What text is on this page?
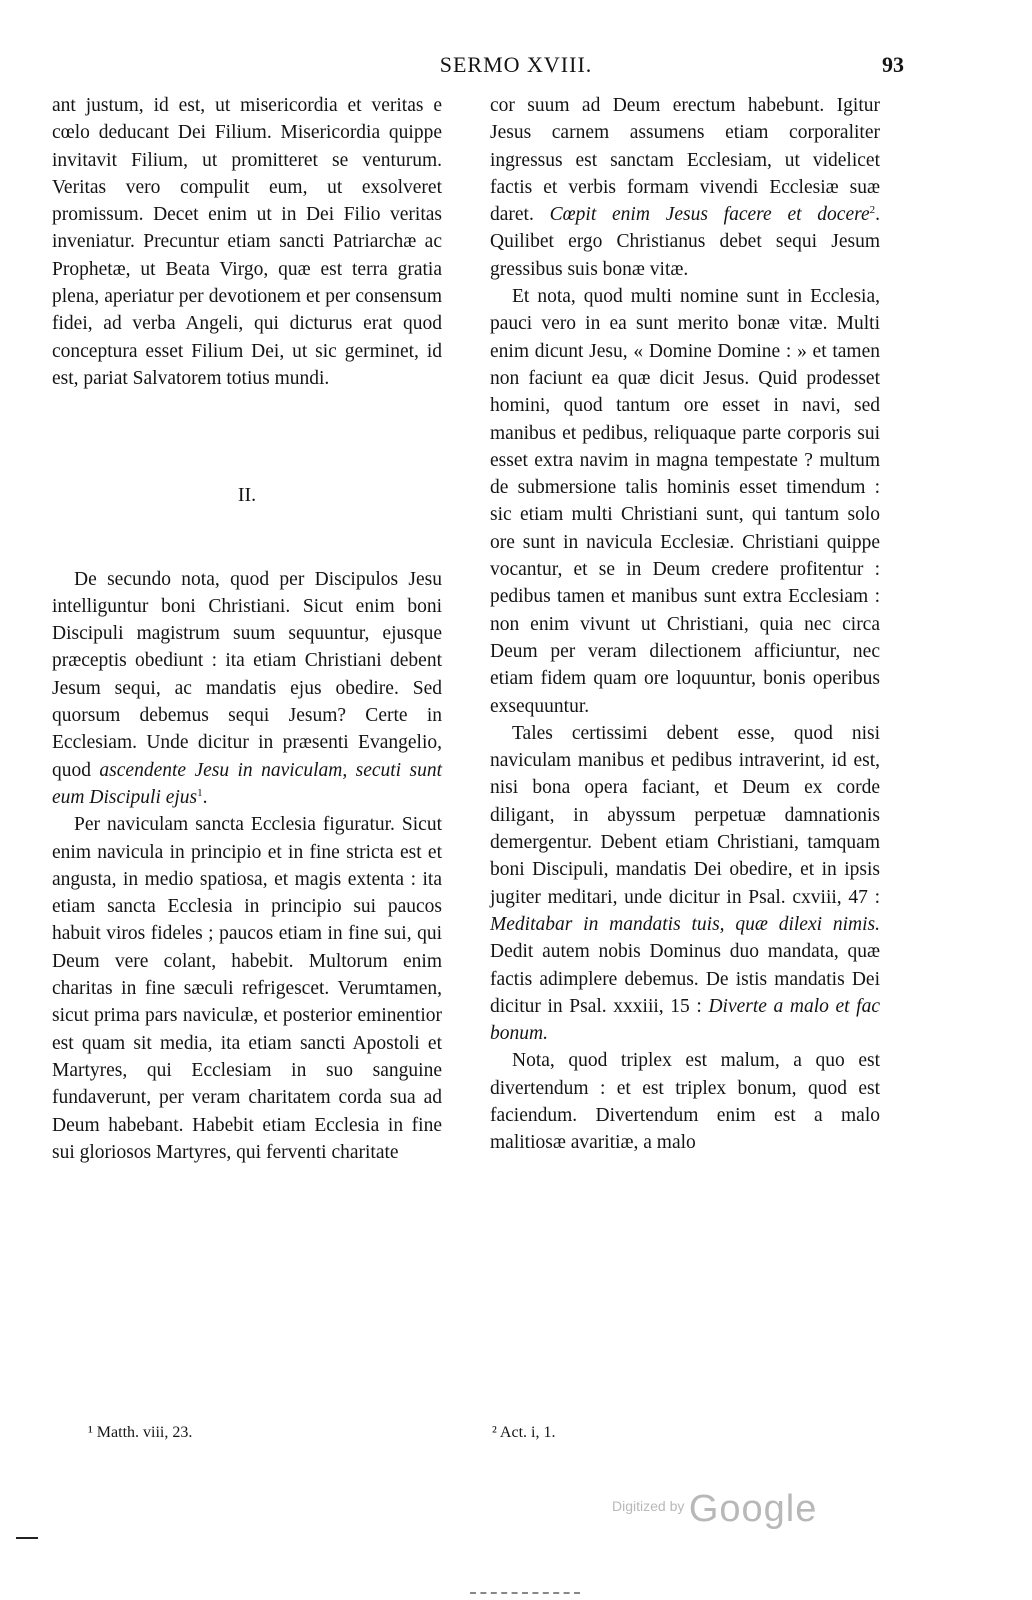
SERMO XVIII.	93

ant justum, id est, ut misericordia et veritas e cœlo deducant Dei Filium. Misericordia quippe invitavit Filium, ut promitteret se venturum. Veritas vero compulit eum, ut exsolveret promissum. Decet enim ut in Dei Filio veritas inveniatur. Precuntur etiam sancti Patriarchæ ac Prophetæ, ut Beata Virgo, quæ est terra gratia plena, aperiatur per devotionem et per consensum fidei, ad verba Angeli, qui dicturus erat quod conceptura esset Filium Dei, ut sic germinet, id est, pariat Salvatorem totius mundi.

II.

De secundo nota, quod per Discipulos Jesu intelliguntur boni Christiani. Sicut enim boni Discipuli magistrum suum sequuntur, ejusque præceptis obediunt : ita etiam Christiani debent Jesum sequi, ac mandatis ejus obedire. Sed quorsum debemus sequi Jesum? Certe in Ecclesiam. Unde dicitur in præsenti Evangelio, quod ascendente Jesu in naviculam, secuti sunt eum Discipuli ejus$^1$.

Per naviculam sancta Ecclesia figuratur. Sicut enim navicula in principio et in fine stricta est et angusta, in medio spatiosa, et magis extenta : ita etiam sancta Ecclesia in principio sui paucos habuit viros fideles ; paucos etiam in fine sui, qui Deum vere colant, habebit. Multorum enim charitas in fine sæculi refrigescet. Verumtamen, sicut prima pars naviculæ, et posterior eminentior est quam sit media, ita etiam sancti Apostoli et Martyres, qui Ecclesiam in suo sanguine fundaverunt, per veram charitatem corda sua ad Deum habebant. Habebit etiam Ecclesia in fine sui gloriosos Martyres, qui ferventi charitate

cor suum ad Deum erectum habebunt. Igitur Jesus carnem assumens etiam corporaliter ingressus est sanctam Ecclesiam, ut videlicet factis et verbis formam vivendi Ecclesiæ suæ daret. Cœpit enim Jesus facere et docere$^2$. Quilibet ergo Christianus debet sequi Jesum gressibus suis bonæ vitæ.

Et nota, quod multi nomine sunt in Ecclesia, pauci vero in ea sunt merito bonæ vitæ. Multi enim dicunt Jesu, « Domine Domine : » et tamen non faciunt ea quæ dicit Jesus. Quid prodesset homini, quod tantum ore esset in navi, sed manibus et pedibus, reliquaque parte corporis sui esset extra navim in magna tempestate ? multum de submersione talis hominis esset timendum : sic etiam multi Christiani sunt, qui tantum solo ore sunt in navicula Ecclesiæ. Christiani quippe vocantur, et se in Deum credere profitentur : pedibus tamen et manibus sunt extra Ecclesiam : non enim vivunt ut Christiani, quia nec circa Deum per veram dilectionem afficiuntur, nec etiam fidem quam ore loquuntur, bonis operibus exsequuntur.

Tales certissimi debent esse, quod nisi naviculam manibus et pedibus intraverint, id est, nisi bona opera faciant, et Deum ex corde diligant, in abyssum perpetuæ damnationis demergentur. Debent etiam Christiani, tamquam boni Discipuli, mandatis Dei obedire, et in ipsis jugiter meditari, unde dicitur in Psal. cxviii, 47 : Meditabar in mandatis tuis, quæ dilexi nimis. Dedit autem nobis Dominus duo mandata, quæ factis adimplere debemus. De istis mandatis Dei dicitur in Psal. xxxiii, 15 : Diverte a malo et fac bonum.

Nota, quod triplex est malum, a quo est divertendum : et est triplex bonum, quod est faciendum. Divertendum enim est a malo malitiosæ avaritiæ, a malo

¹ Matth. viii, 23.	² Act. i, 1.
Digitized by Google
